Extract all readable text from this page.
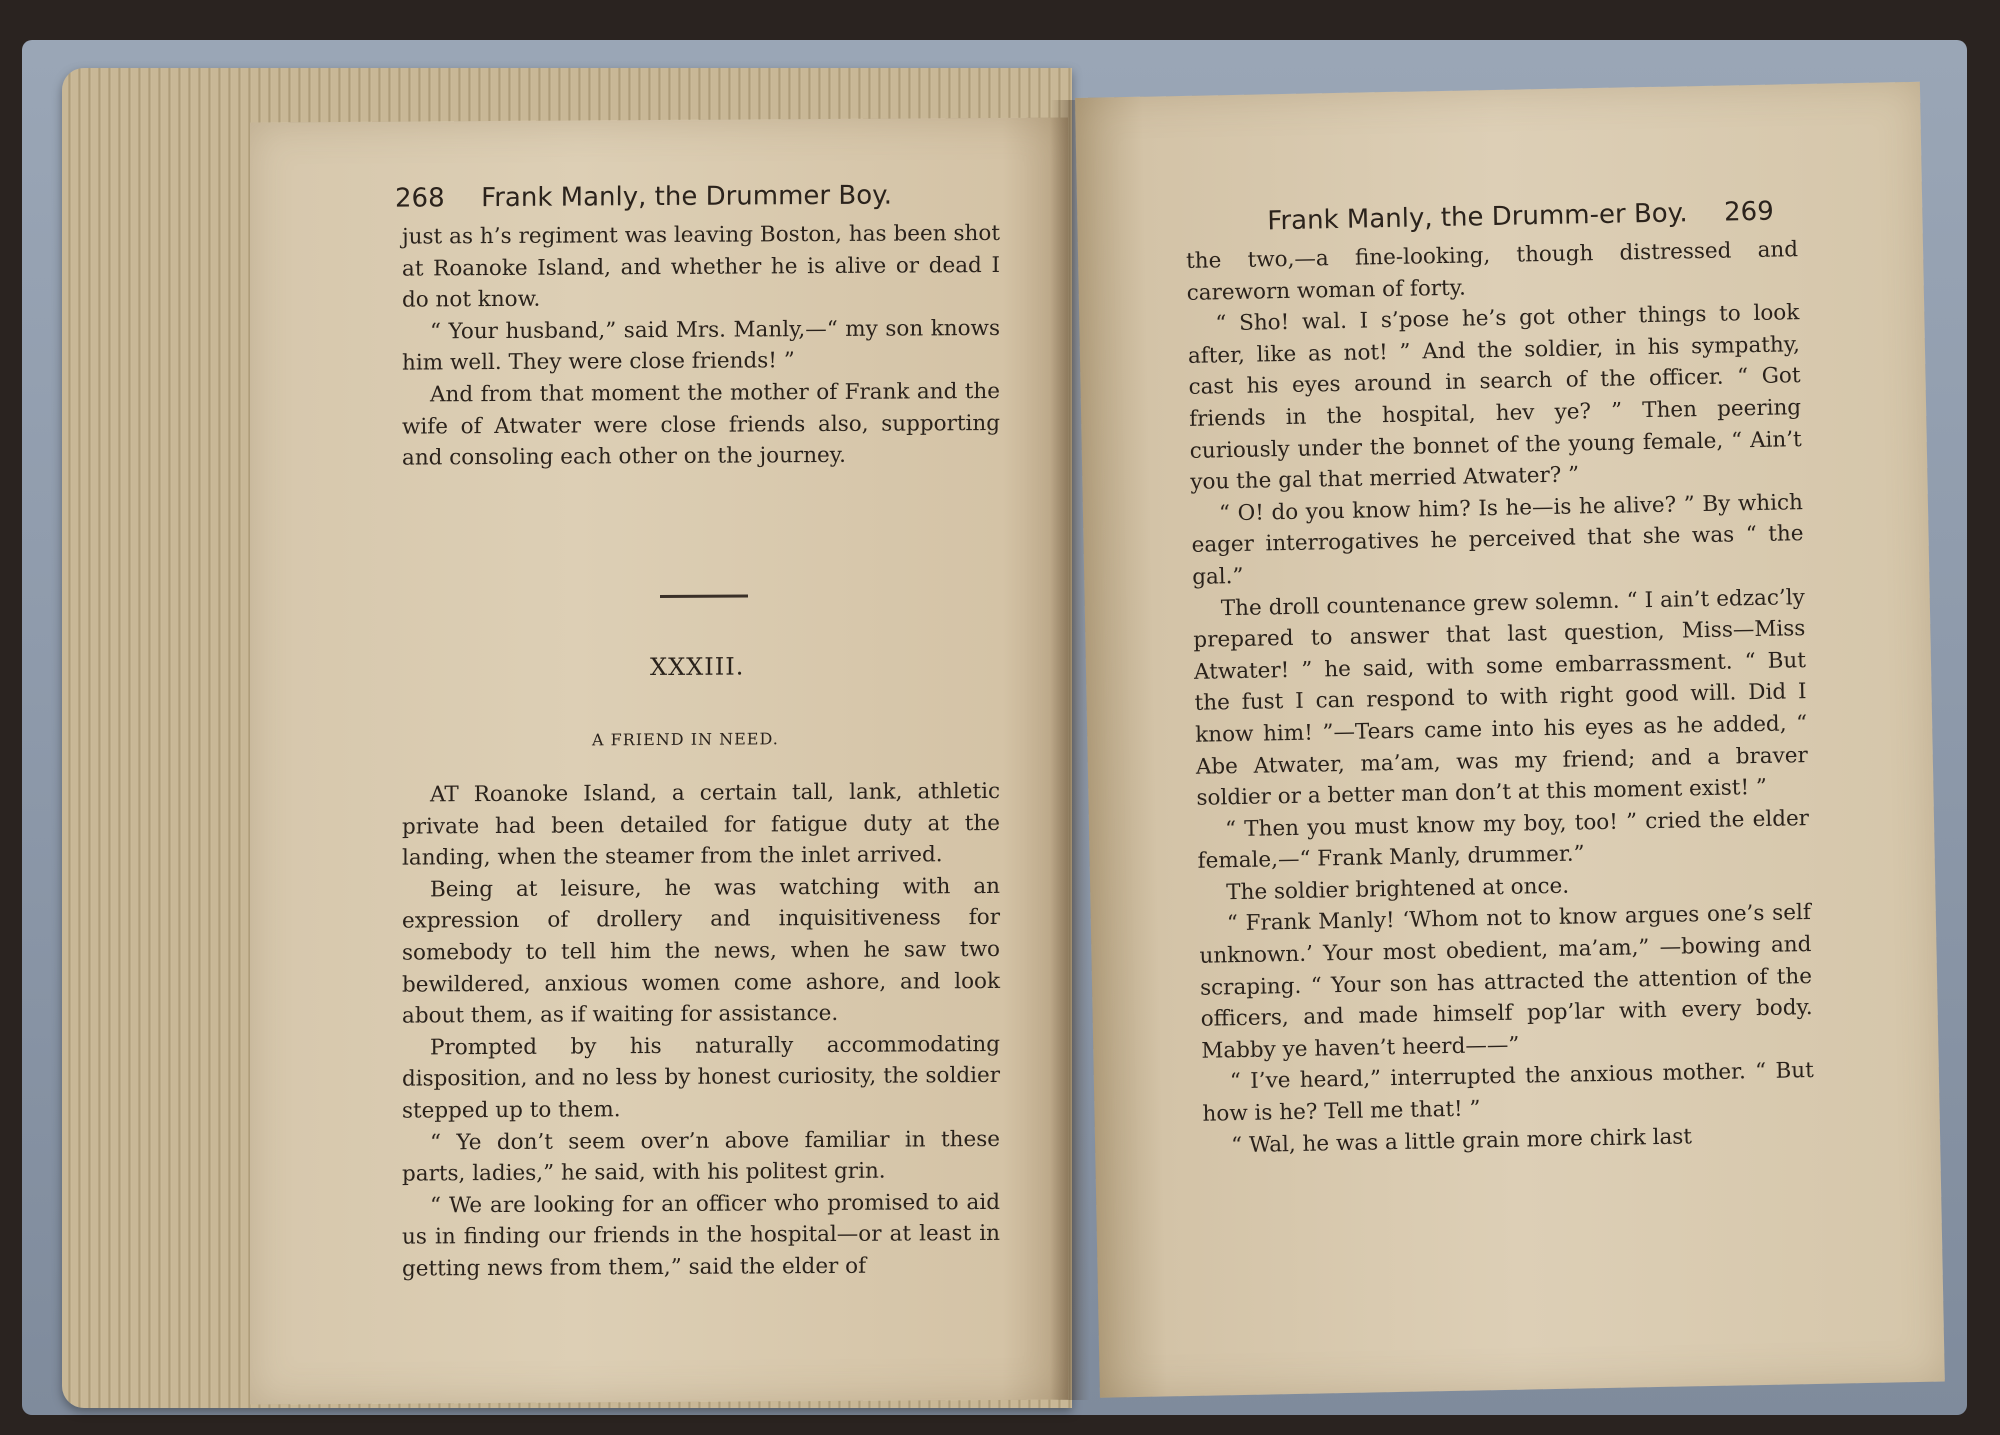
268 Frank Manly, the Drummer Boy.

just as h’s regiment was leaving Boston, has been shot at Roanoke Island, and whether he is alive or dead I do not know.

“ Your husband,” said Mrs. Manly,—“ my son knows him well. They were close friends! ”

And from that moment the mother of Frank and the wife of Atwater were close friends also, supporting and consoling each other on the journey.

XXXIII.
A FRIEND IN NEED.

AT Roanoke Island, a certain tall, lank, athletic private had been detailed for fatigue duty at the landing, when the steamer from the inlet arrived.

Being at leisure, he was watching with an expression of drollery and inquisitiveness for somebody to tell him the news, when he saw two bewildered, anxious women come ashore, and look about them, as if waiting for assistance.

Prompted by his naturally accommodating disposition, and no less by honest curiosity, the soldier stepped up to them.

“ Ye don’t seem over’n above familiar in these parts, ladies,” he said, with his politest grin.

“ We are looking for an officer who promised to aid us in finding our friends in the hospital—or at least in getting news from them,” said the elder of

Frank Manly, the Drumm‐er Boy. 269

the two,—a fine-looking, though distressed and careworn woman of forty.

“ Sho! wal. I s’pose he’s got other things to look after, like as not! ” And the soldier, in his sympathy, cast his eyes around in search of the officer. “ Got friends in the hospital, hev ye? ” Then peering curiously under the bonnet of the young female, “ Ain’t you the gal that merried Atwater? ”

“ O! do you know him? Is he—is he alive? ” By which eager interrogatives he perceived that she was “ the gal.”

The droll countenance grew solemn. “ I ain’t edzac’ly prepared to answer that last question, Miss—Miss Atwater! ” he said, with some embarrassment. “ But the fust I can respond to with right good will. Did I know him! ”—Tears came into his eyes as he added, “ Abe Atwater, ma’am, was my friend; and a braver soldier or a better man don’t at this moment exist! ”

“ Then you must know my boy, too! ” cried the elder female,—“ Frank Manly, drummer.”

The soldier brightened at once.

“ Frank Manly! ‘Whom not to know argues one’s self unknown.’ Your most obedient, ma’am,” —bowing and scraping. “ Your son has attracted the attention of the officers, and made himself pop’lar with every body. Mabby ye haven’t heerd——”

“ I’ve heard,” interrupted the anxious mother. “ But how is he? Tell me that! ”

“ Wal, he was a little grain more chirk last
